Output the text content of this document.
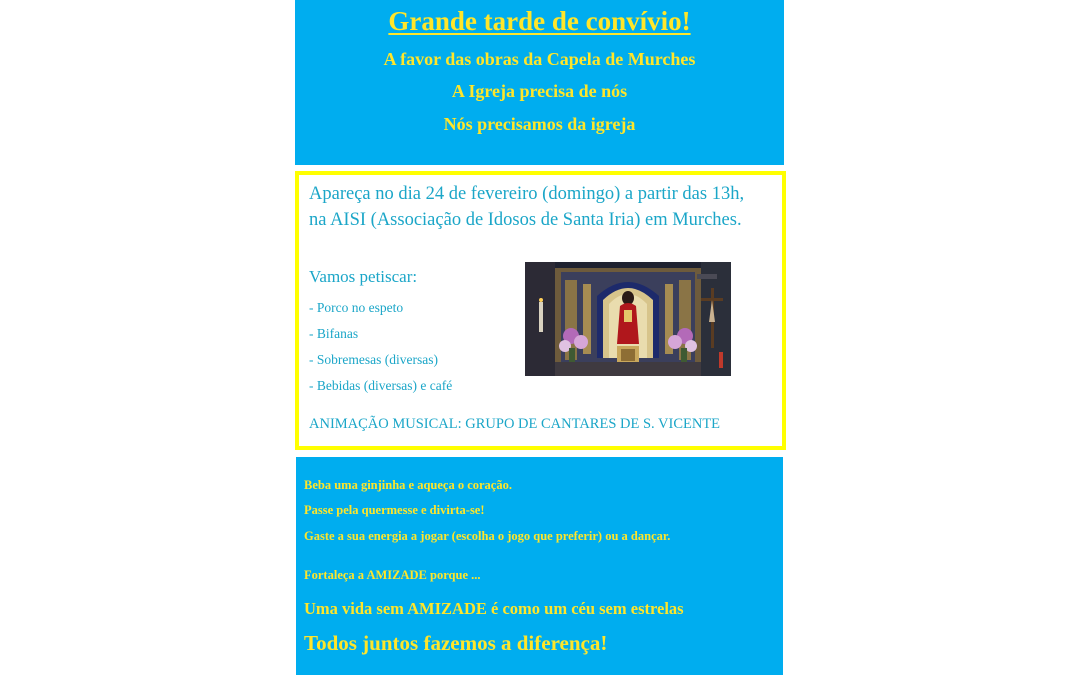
Grande tarde de convívio!
A favor das obras da Capela de Murches
A Igreja precisa de nós
Nós precisamos da igreja
Apareça no dia 24 de fevereiro (domingo) a partir das 13h, na AISI (Associação de Idosos de Santa Iria) em Murches.
Vamos petiscar:
- Porco no espeto
- Bifanas
- Sobremesas (diversas)
- Bebidas (diversas) e café
ANIMAÇÃO MUSICAL: GRUPO DE CANTARES DE S. VICENTE
Beba uma ginjinha e aqueça o coração.
Passe pela quermesse e divirta-se!
Gaste a sua energia a jogar (escolha o jogo que preferir) ou a dançar.
Fortaleça a AMIZADE porque ...
Uma vida sem AMIZADE é como um céu sem estrelas
Todos juntos fazemos a diferença!
